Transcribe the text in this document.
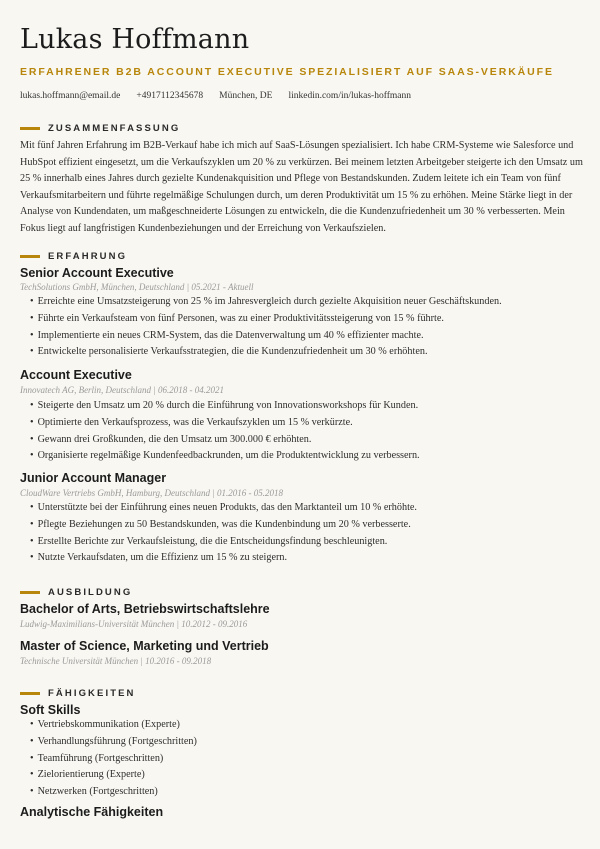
Lukas Hoffmann
ERFAHRENER B2B ACCOUNT EXECUTIVE SPEZIALISIERT AUF SAAS-VERKÄUFE
lukas.hoffmann@email.de +4917112345678 München, DE linkedin.com/in/lukas-hoffmann
ZUSAMMENFASSUNG

Mit fünf Jahren Erfahrung im B2B-Verkauf habe ich mich auf SaaS-Lösungen spezialisiert. Ich habe CRM-Systeme wie Salesforce und HubSpot effizient eingesetzt, um die Verkaufszyklen um 20 % zu verkürzen. Bei meinem letzten Arbeitgeber steigerte ich den Umsatz um 25 % innerhalb eines Jahres durch gezielte Kundenakquisition und Pflege von Bestandskunden. Zudem leitete ich ein Team von fünf Verkaufsmitarbeitern und führte regelmäßige Schulungen durch, um deren Produktivität um 15 % zu erhöhen. Meine Stärke liegt in der Analyse von Kundendaten, um maßgeschneiderte Lösungen zu entwickeln, die die Kundenzufriedenheit um 30 % verbesserten. Mein Fokus liegt auf langfristigen Kundenbeziehungen und der Erreichung von Verkaufszielen.

ERFAHRUNG
Senior Account Executive
TechSolutions GmbH, München, Deutschland | 05.2021 - Aktuell
• Erreichte eine Umsatzsteigerung von 25 % im Jahresvergleich durch gezielte Akquisition neuer Geschäftskunden.
• Führte ein Verkaufsteam von fünf Personen, was zu einer Produktivitätssteigerung von 15 % führte.
• Implementierte ein neues CRM-System, das die Datenverwaltung um 40 % effizienter machte.
• Entwickelte personalisierte Verkaufsstrategien, die die Kundenzufriedenheit um 30 % erhöhten.
Account Executive
Innovatech AG, Berlin, Deutschland | 06.2018 - 04.2021
• Steigerte den Umsatz um 20 % durch die Einführung von Innovationsworkshops für Kunden.
• Optimierte den Verkaufsprozess, was die Verkaufszyklen um 15 % verkürzte.
• Gewann drei Großkunden, die den Umsatz um 300.000 € erhöhten.
• Organisierte regelmäßige Kundenfeedbackrunden, um die Produktentwicklung zu verbessern.
Junior Account Manager
CloudWare Vertriebs GmbH, Hamburg, Deutschland | 01.2016 - 05.2018
• Unterstützte bei der Einführung eines neuen Produkts, das den Marktanteil um 10 % erhöhte.
• Pflegte Beziehungen zu 50 Bestandskunden, was die Kundenbindung um 20 % verbesserte.
• Erstellte Berichte zur Verkaufsleistung, die die Entscheidungsfindung beschleunigten.
• Nutzte Verkaufsdaten, um die Effizienz um 15 % zu steigern.
AUSBILDUNG
Bachelor of Arts, Betriebswirtschaftslehre
Ludwig-Maximilians-Universität München | 10.2012 - 09.2016
Master of Science, Marketing und Vertrieb
Technische Universität München | 10.2016 - 09.2018
FÄHIGKEITEN
Soft Skills
• Vertriebskommunikation (Experte)
• Verhandlungsführung (Fortgeschritten)
• Teamführung (Fortgeschritten)
• Zielorientierung (Experte)
• Netzwerken (Fortgeschritten)
Analytische Fähigkeiten
